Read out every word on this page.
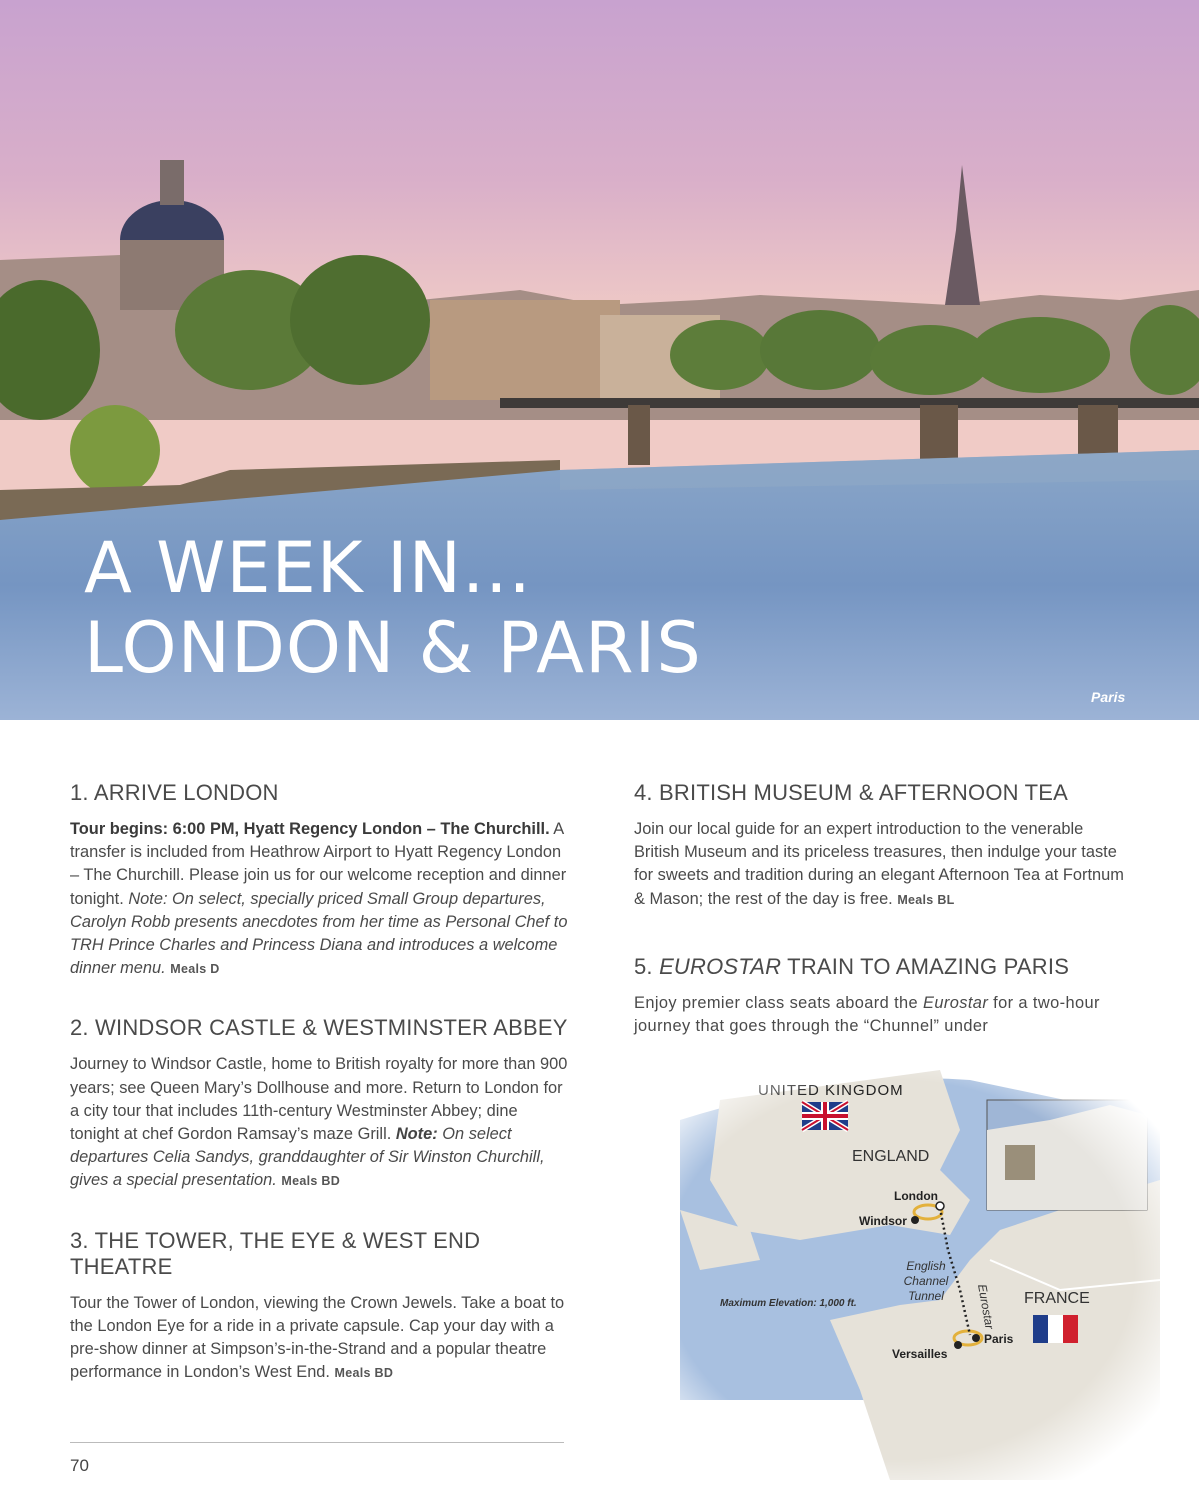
A WEEK IN...
LONDON & PARIS
Paris
1. ARRIVE LONDON

Tour begins: 6:00 PM, Hyatt Regency London – The Churchill. A transfer is included from Heathrow Airport to Hyatt Regency London – The Churchill. Please join us for our welcome reception and dinner tonight. Note: On select, specially priced Small Group departures, Carolyn Robb presents anecdotes from her time as Personal Chef to TRH Prince Charles and Princess Diana and introduces a welcome dinner menu. Meals D

2. WINDSOR CASTLE & WESTMINSTER ABBEY

Journey to Windsor Castle, home to British royalty for more than 900 years; see Queen Mary’s Dollhouse and more. Return to London for a city tour that includes 11th-century Westminster Abbey; dine tonight at chef Gordon Ramsay’s maze Grill. Note: On select departures Celia Sandys, granddaughter of Sir Winston Churchill, gives a special presentation. Meals BD

3. THE TOWER, THE EYE & WEST END THEATRE

Tour the Tower of London, viewing the Crown Jewels. Take a boat to the London Eye for a ride in a private capsule. Cap your day with a pre-show dinner at Simpson’s-in-the-Strand and a popular theatre performance in London’s West End. Meals BD

70
4. BRITISH MUSEUM & AFTERNOON TEA

Join our local guide for an expert introduction to the venerable British Museum and its priceless treasures, then indulge your taste for sweets and tradition during an elegant Afternoon Tea at Fortnum & Mason; the rest of the day is free. Meals BL

5. EUROSTAR TRAIN TO AMAZING PARIS

Enjoy premier class seats aboard the Eurostar for a two-hour journey that goes through the “Chunnel” under
